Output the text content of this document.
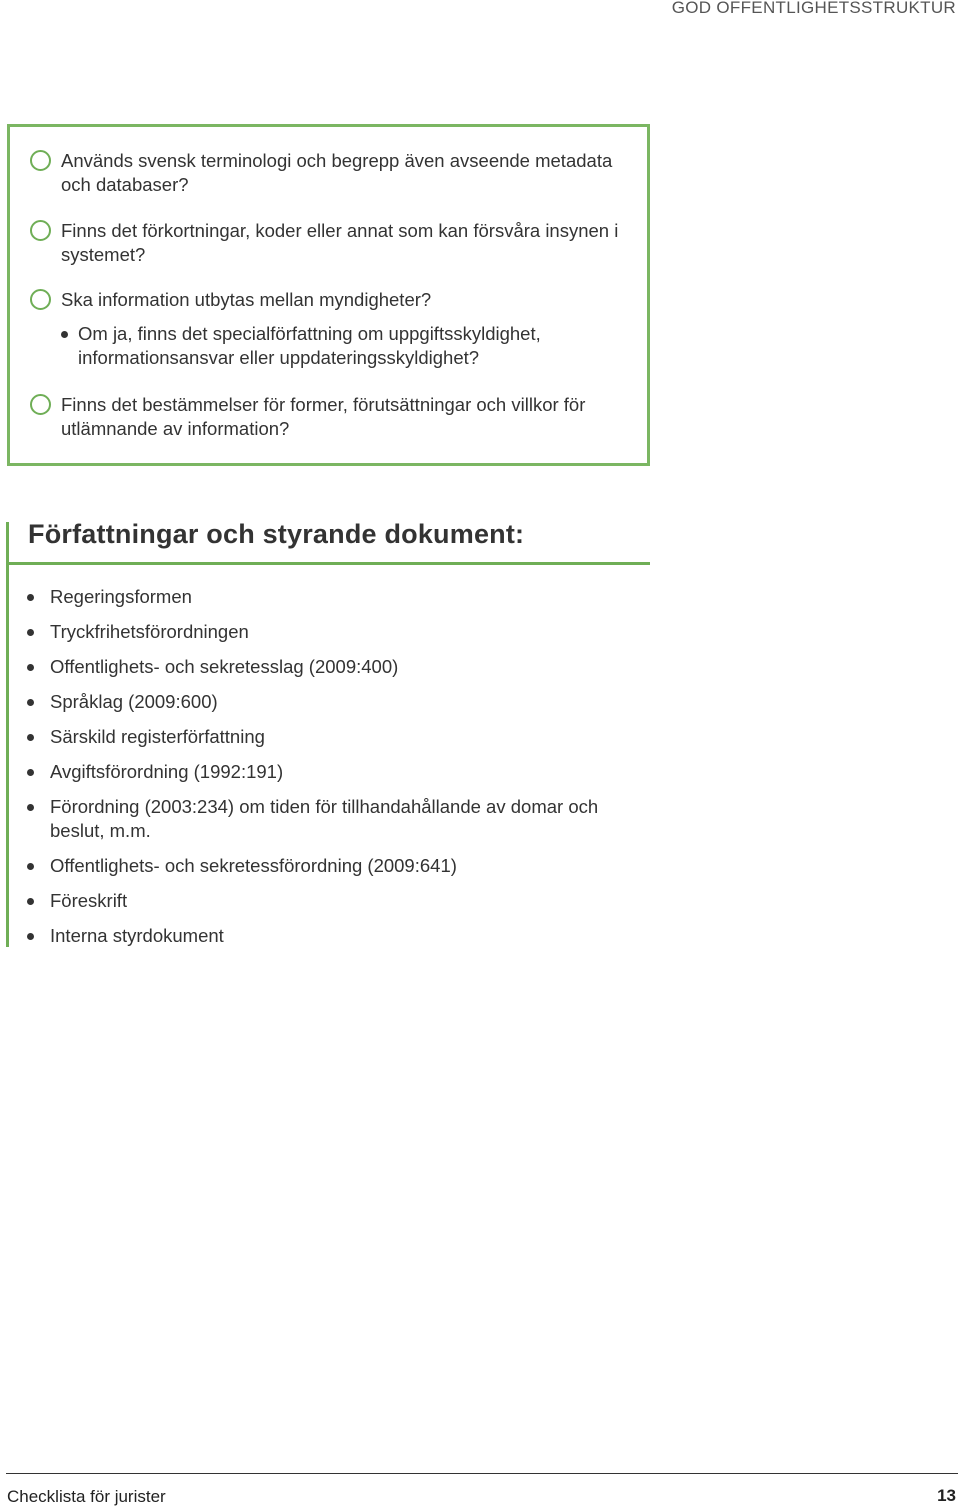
GOD OFFENTLIGHETSSTRUKTUR
Används svensk terminologi och begrepp även avseende metadata och databaser?
Finns det förkortningar, koder eller annat som kan försvåra insynen i systemet?
Ska information utbytas mellan myndigheter?
Om ja, finns det specialförfattning om uppgiftsskyldighet, informationsansvar eller uppdateringsskyldighet?
Finns det bestämmelser för former, förutsättningar och villkor för utlämnande av information?
Författningar och styrande dokument:
Regeringsformen
Tryckfrihetsförordningen
Offentlighets- och sekretesslag (2009:400)
Språklag (2009:600)
Särskild registerförfattning
Avgiftsförordning (1992:191)
Förordning (2003:234) om tiden för tillhandahållande av domar och beslut, m.m.
Offentlighets- och sekretessförordning (2009:641)
Föreskrift
Interna styrdokument
Checklista för jurister	13
